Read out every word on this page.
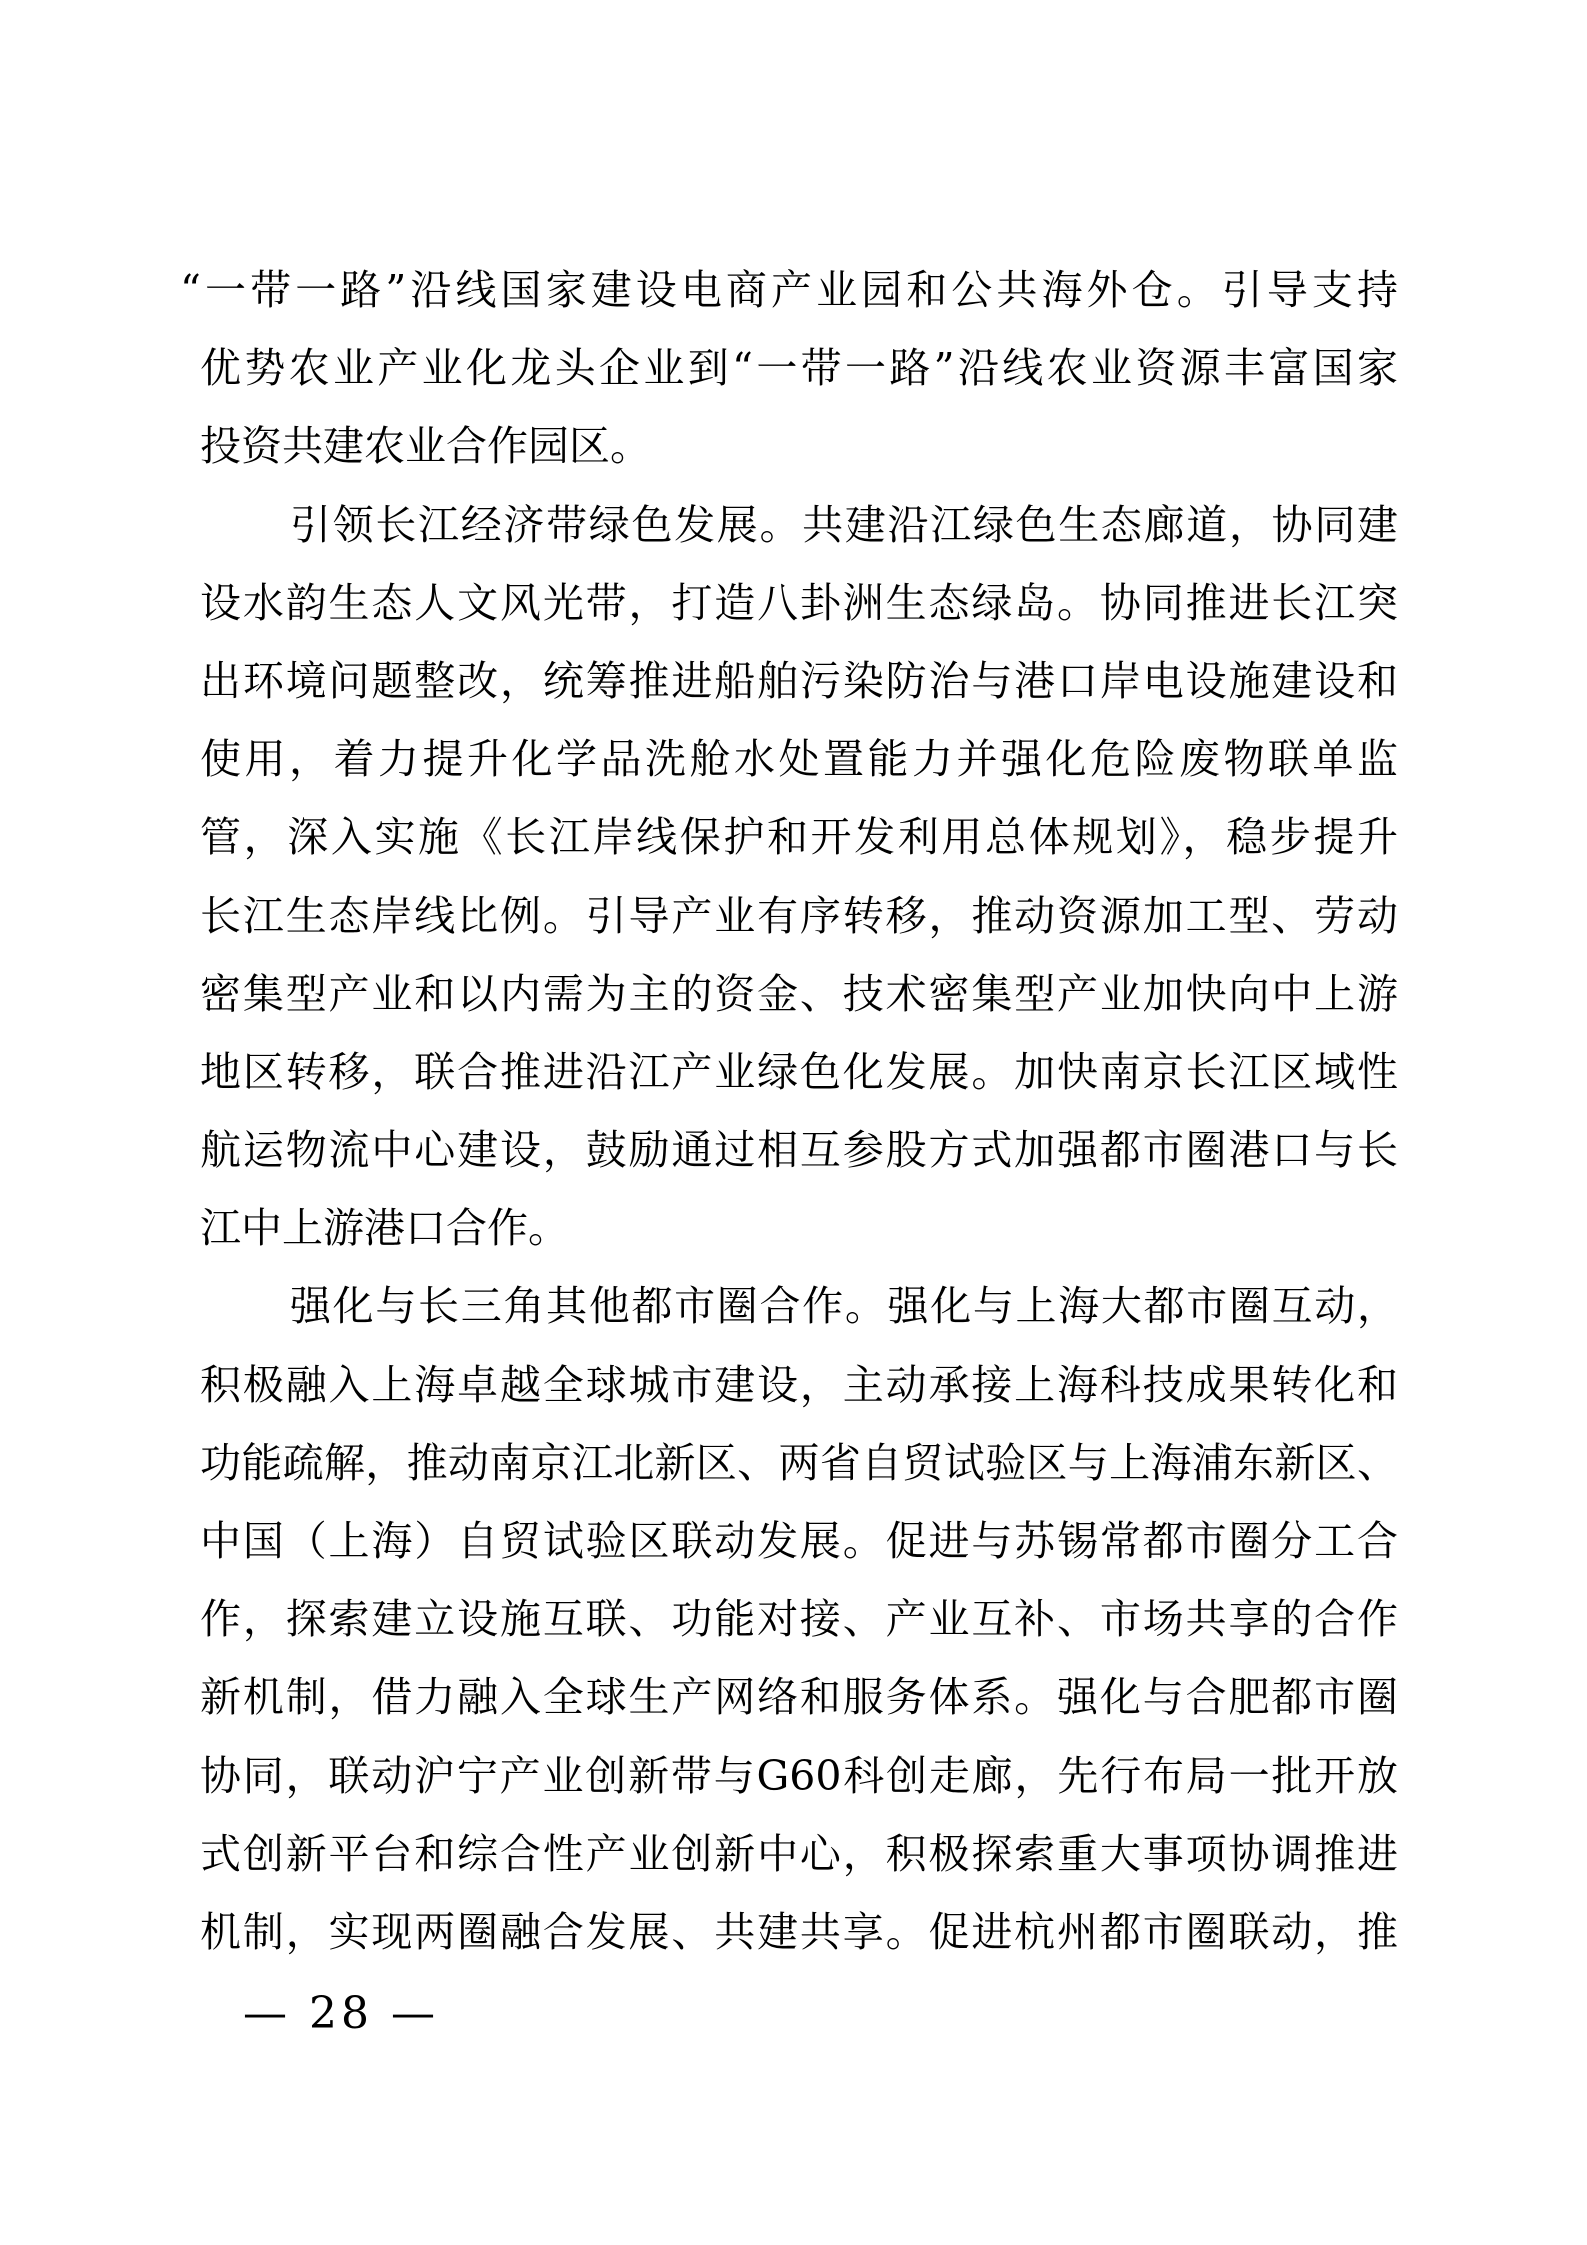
“一带一路”沿线国家建设电商产业园和公共海外仓。引导支持
优势农业产业化龙头企业到“一带一路”沿线农业资源丰富国家
投资共建农业合作园区。
引领长江经济带绿色发展。共建沿江绿色生态廊道，协同建
设水韵生态人文风光带，打造八卦洲生态绿岛。协同推进长江突
出环境问题整改，统筹推进船舶污染防治与港口岸电设施建设和
使用，着力提升化学品洗舱水处置能力并强化危险废物联单监
管，深入实施《长江岸线保护和开发利用总体规划》，稳步提升
长江生态岸线比例。引导产业有序转移，推动资源加工型、劳动
密集型产业和以内需为主的资金、技术密集型产业加快向中上游
地区转移，联合推进沿江产业绿色化发展。加快南京长江区域性
航运物流中心建设，鼓励通过相互参股方式加强都市圈港口与长
江中上游港口合作。
强化与长三角其他都市圈合作。强化与上海大都市圈互动，
积极融入上海卓越全球城市建设，主动承接上海科技成果转化和
功能疏解，推动南京江北新区、两省自贸试验区与上海浦东新区、
中国（上海）自贸试验区联动发展。促进与苏锡常都市圈分工合
作，探索建立设施互联、功能对接、产业互补、市场共享的合作
新机制，借力融入全球生产网络和服务体系。强化与合肥都市圈
协同，联动沪宁产业创新带与G60科创走廊，先行布局一批开放
式创新平台和综合性产业创新中心，积极探索重大事项协调推进
机制，实现两圈融合发展、共建共享。促进杭州都市圈联动，推
— 28 —
